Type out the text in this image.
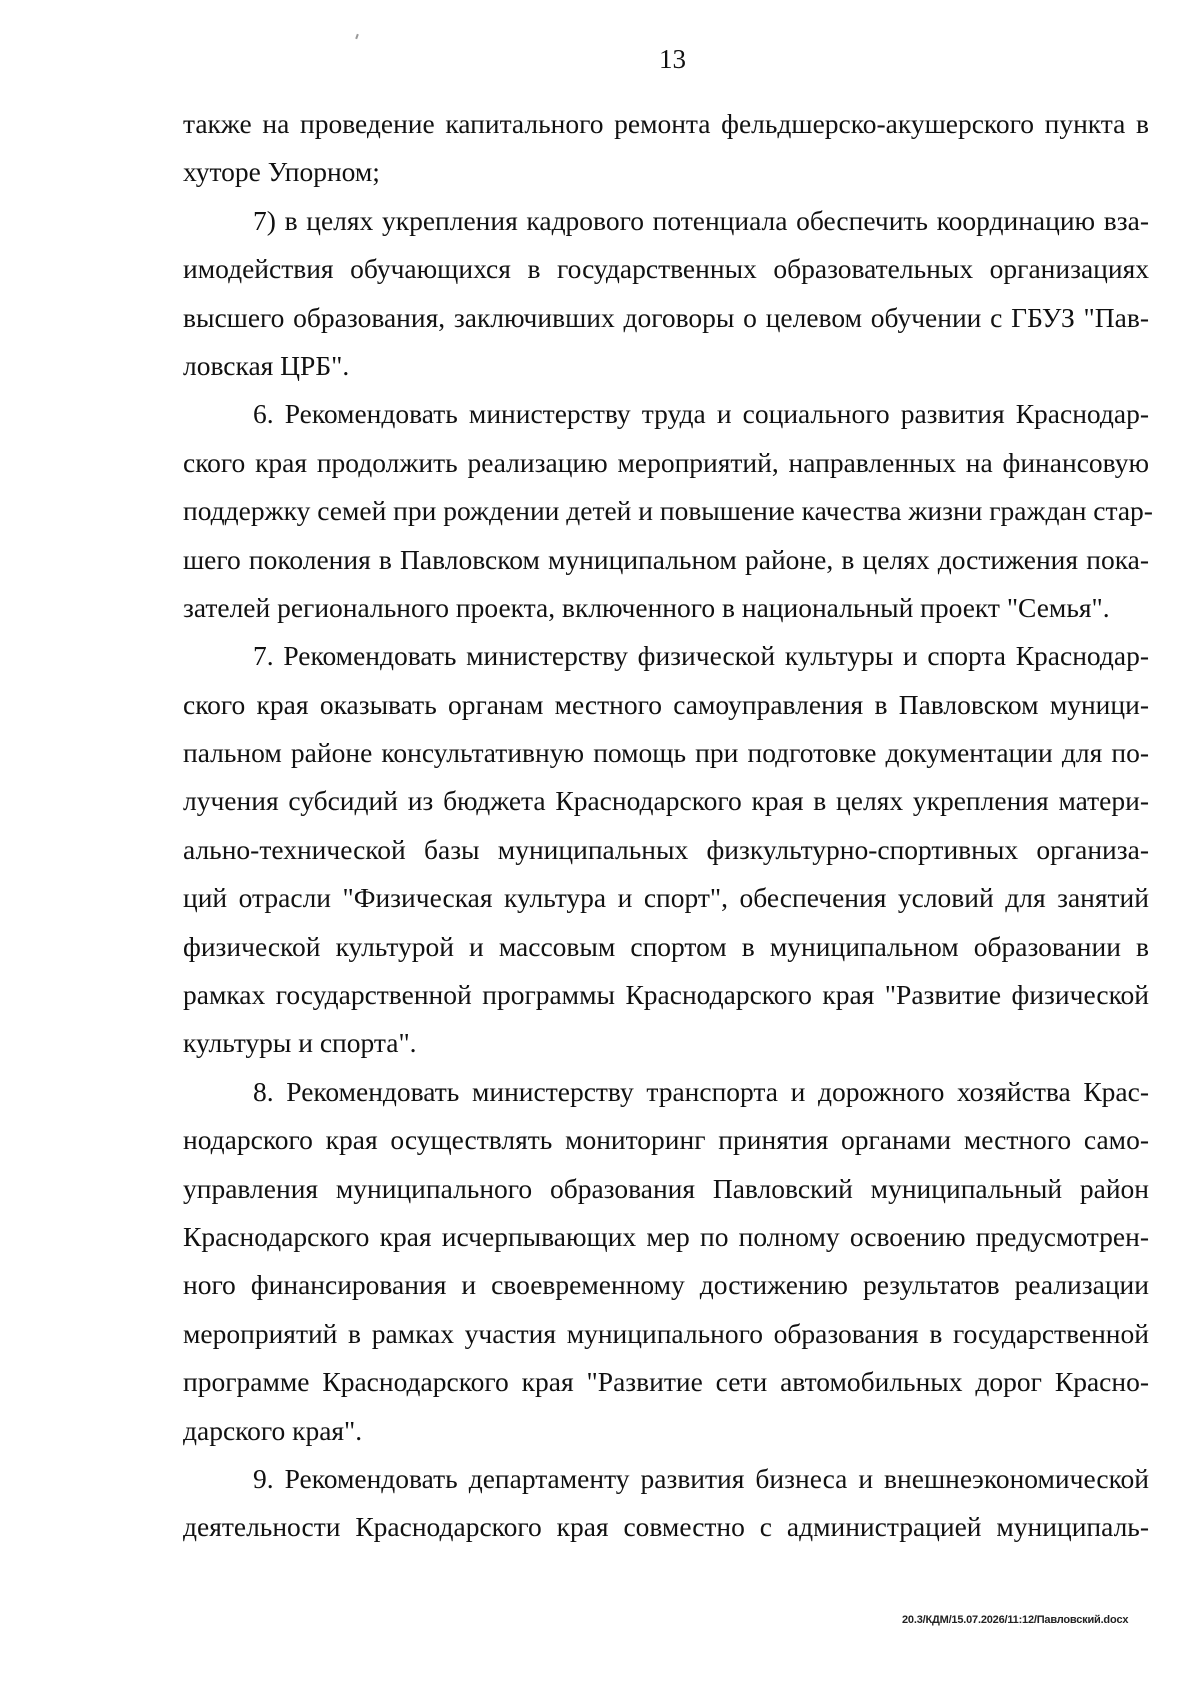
13
также на проведение капитального ремонта фельдшерско-акушерского пункта в
хуторе Упорном;
7) в целях укрепления кадрового потенциала обеспечить координацию вза-
имодействия обучающихся в государственных образовательных организациях
высшего образования, заключивших договоры о целевом обучении с ГБУЗ "Пав-
ловская ЦРБ".
6. Рекомендовать министерству труда и социального развития Краснодар-
ского края продолжить реализацию мероприятий, направленных на финансовую
поддержку семей при рождении детей и повышение качества жизни граждан стар-
шего поколения в Павловском муниципальном районе, в целях достижения пока-
зателей регионального проекта, включенного в национальный проект "Семья".
7. Рекомендовать министерству физической культуры и спорта Краснодар-
ского края оказывать органам местного самоуправления в Павловском муници-
пальном районе консультативную помощь при подготовке документации для по-
лучения субсидий из бюджета Краснодарского края в целях укрепления матери-
ально-технической базы муниципальных физкультурно-спортивных организа-
ций отрасли "Физическая культура и спорт", обеспечения условий для занятий
физической культурой и массовым спортом в муниципальном образовании в
рамках государственной программы Краснодарского края "Развитие физической
культуры и спорта".
8. Рекомендовать министерству транспорта и дорожного хозяйства Крас-
нодарского края осуществлять мониторинг принятия органами местного само-
управления муниципального образования Павловский муниципальный район
Краснодарского края исчерпывающих мер по полному освоению предусмотрен-
ного финансирования и своевременному достижению результатов реализации
мероприятий в рамках участия муниципального образования в государственной
программе Краснодарского края "Развитие сети автомобильных дорог Красно-
дарского края".
9. Рекомендовать департаменту развития бизнеса и внешнеэкономической
деятельности Краснодарского края совместно с администрацией муниципаль-
20.3/КДМ/15.07.2026/11:12/Павловский.docx
